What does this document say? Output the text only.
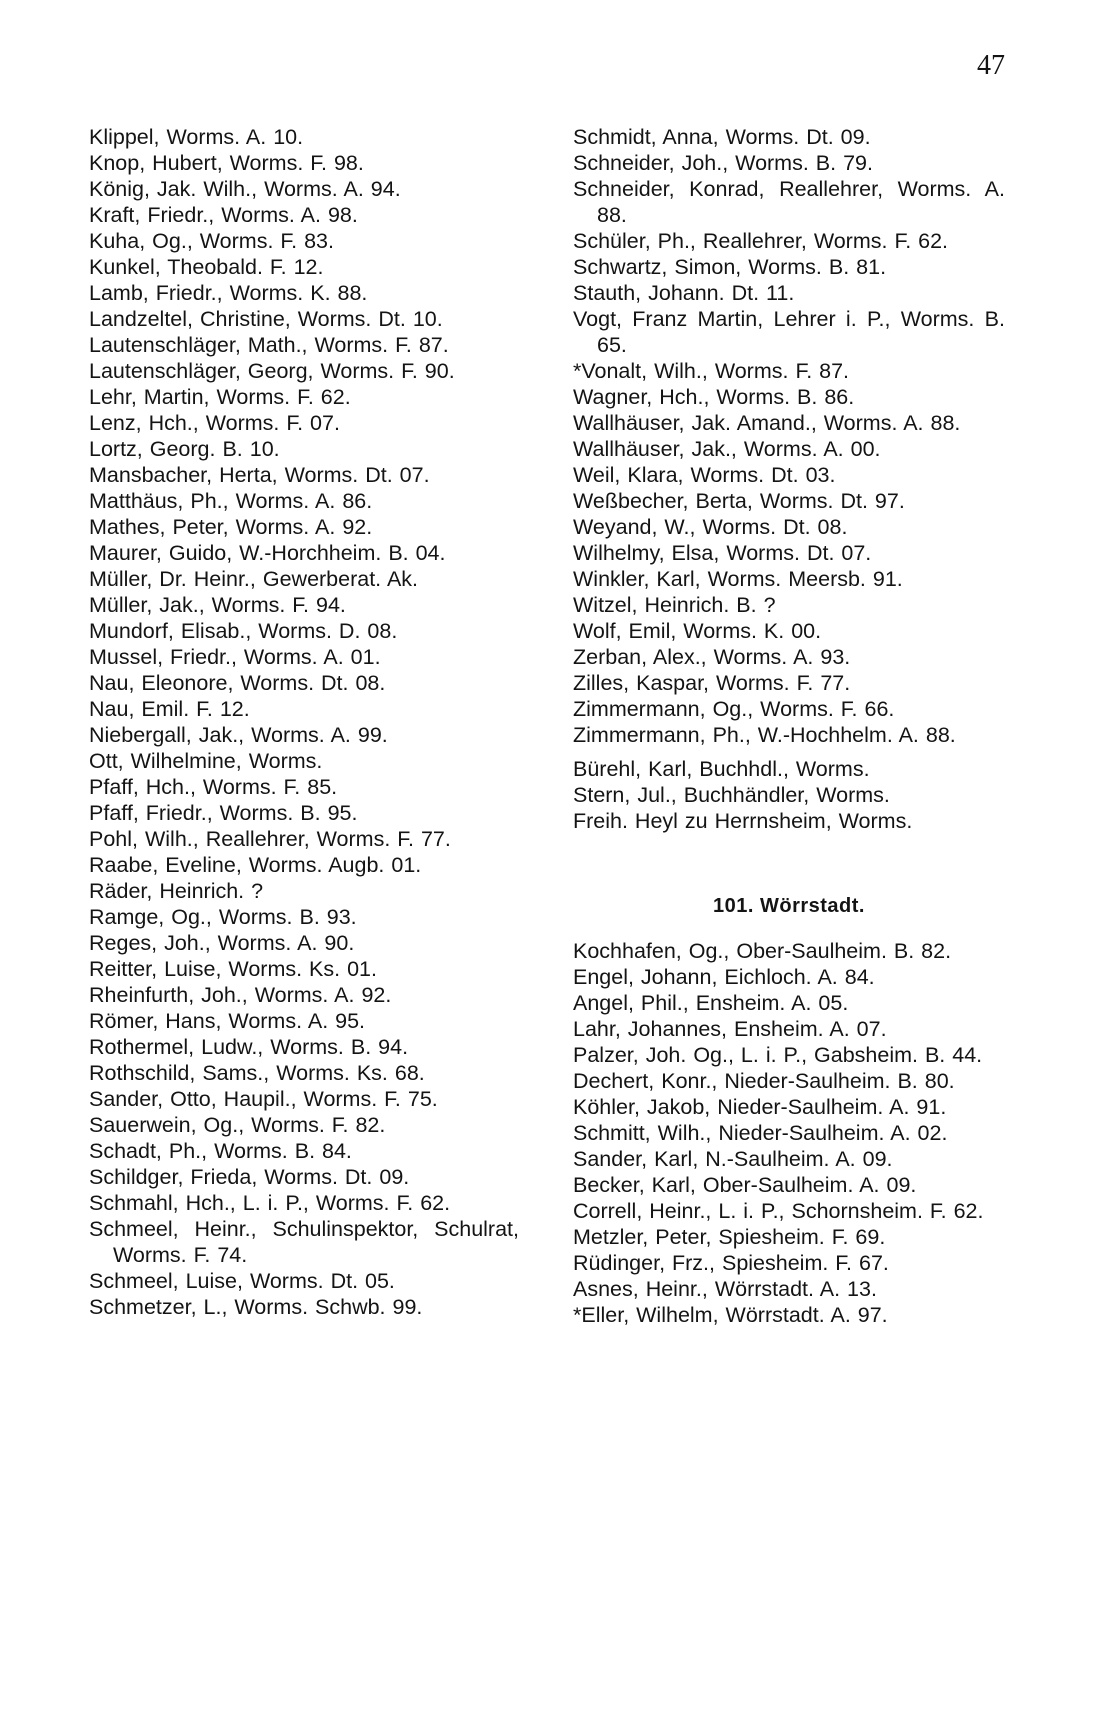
47
Klippel, Worms. A. 10.
Knop, Hubert, Worms. F. 98.
König, Jak. Wilh., Worms. A. 94.
Kraft, Friedr., Worms. A. 98.
Kuha, Og., Worms. F. 83.
Kunkel, Theobald. F. 12.
Lamb, Friedr., Worms. K. 88.
Landzeltel, Christine, Worms. Dt. 10.
Lautenschläger, Math., Worms. F. 87.
Lautenschläger, Georg, Worms. F. 90.
Lehr, Martin, Worms. F. 62.
Lenz, Hch., Worms. F. 07.
Lortz, Georg. B. 10.
Mansbacher, Herta, Worms. Dt. 07.
Matthäus, Ph., Worms. A. 86.
Mathes, Peter, Worms. A. 92.
Maurer, Guido, W.-Horchheim. B. 04.
Müller, Dr. Heinr., Gewerberat. Ak.
Müller, Jak., Worms. F. 94.
Mundorf, Elisab., Worms. D. 08.
Mussel, Friedr., Worms. A. 01.
Nau, Eleonore, Worms. Dt. 08.
Nau, Emil. F. 12.
Niebergall, Jak., Worms. A. 99.
Ott, Wilhelmine, Worms.
Pfaff, Hch., Worms. F. 85.
Pfaff, Friedr., Worms. B. 95.
Pohl, Wilh., Reallehrer, Worms. F. 77.
Raabe, Eveline, Worms. Augb. 01.
Räder, Heinrich. ?
Ramge, Og., Worms. B. 93.
Reges, Joh., Worms. A. 90.
Reitter, Luise, Worms. Ks. 01.
Rheinfurth, Joh., Worms. A. 92.
Römer, Hans, Worms. A. 95.
Rothermel, Ludw., Worms. B. 94.
Rothschild, Sams., Worms. Ks. 68.
Sander, Otto, Haupil., Worms. F. 75.
Sauerwein, Og., Worms. F. 82.
Schadt, Ph., Worms. B. 84.
Schildger, Frieda, Worms. Dt. 09.
Schmahl, Hch., L. i. P., Worms. F. 62.
Schmeel, Heinr., Schulinspektor, Schulrat, Worms. F. 74.
Schmeel, Luise, Worms. Dt. 05.
Schmetzer, L., Worms. Schwb. 99.
Schmidt, Anna, Worms. Dt. 09.
Schneider, Joh., Worms. B. 79.
Schneider, Konrad, Reallehrer, Worms. A. 88.
Schüler, Ph., Reallehrer, Worms. F. 62.
Schwartz, Simon, Worms. B. 81.
Stauth, Johann. Dt. 11.
Vogt, Franz Martin, Lehrer i. P., Worms. B. 65.
*Vonalt, Wilh., Worms. F. 87.
Wagner, Hch., Worms. B. 86.
Wallhäuser, Jak. Amand., Worms. A. 88.
Wallhäuser, Jak., Worms. A. 00.
Weil, Klara, Worms. Dt. 03.
Weßbecher, Berta, Worms. Dt. 97.
Weyand, W., Worms. Dt. 08.
Wilhelmy, Elsa, Worms. Dt. 07.
Winkler, Karl, Worms. Meersb. 91.
Witzel, Heinrich. B. ?
Wolf, Emil, Worms. K. 00.
Zerban, Alex., Worms. A. 93.
Zilles, Kaspar, Worms. F. 77.
Zimmermann, Og., Worms. F. 66.
Zimmermann, Ph., W.-Hochhelm. A. 88.
Bürehl, Karl, Buchhdl., Worms.
Stern, Jul., Buchhändler, Worms.
Freih. Heyl zu Herrnsheim, Worms.
101. Wörrstadt.
Kochhafen, Og., Ober-Saulheim. B. 82.
Engel, Johann, Eichloch. A. 84.
Angel, Phil., Ensheim. A. 05.
Lahr, Johannes, Ensheim. A. 07.
Palzer, Joh. Og., L. i. P., Gabsheim. B. 44.
Dechert, Konr., Nieder-Saulheim. B. 80.
Köhler, Jakob, Nieder-Saulheim. A. 91.
Schmitt, Wilh., Nieder-Saulheim. A. 02.
Sander, Karl, N.-Saulheim. A. 09.
Becker, Karl, Ober-Saulheim. A. 09.
Correll, Heinr., L. i. P., Schornsheim. F. 62.
Metzler, Peter, Spiesheim. F. 69.
Rüdinger, Frz., Spiesheim. F. 67.
Asnes, Heinr., Wörrstadt. A. 13.
*Eller, Wilhelm, Wörrstadt. A. 97.
